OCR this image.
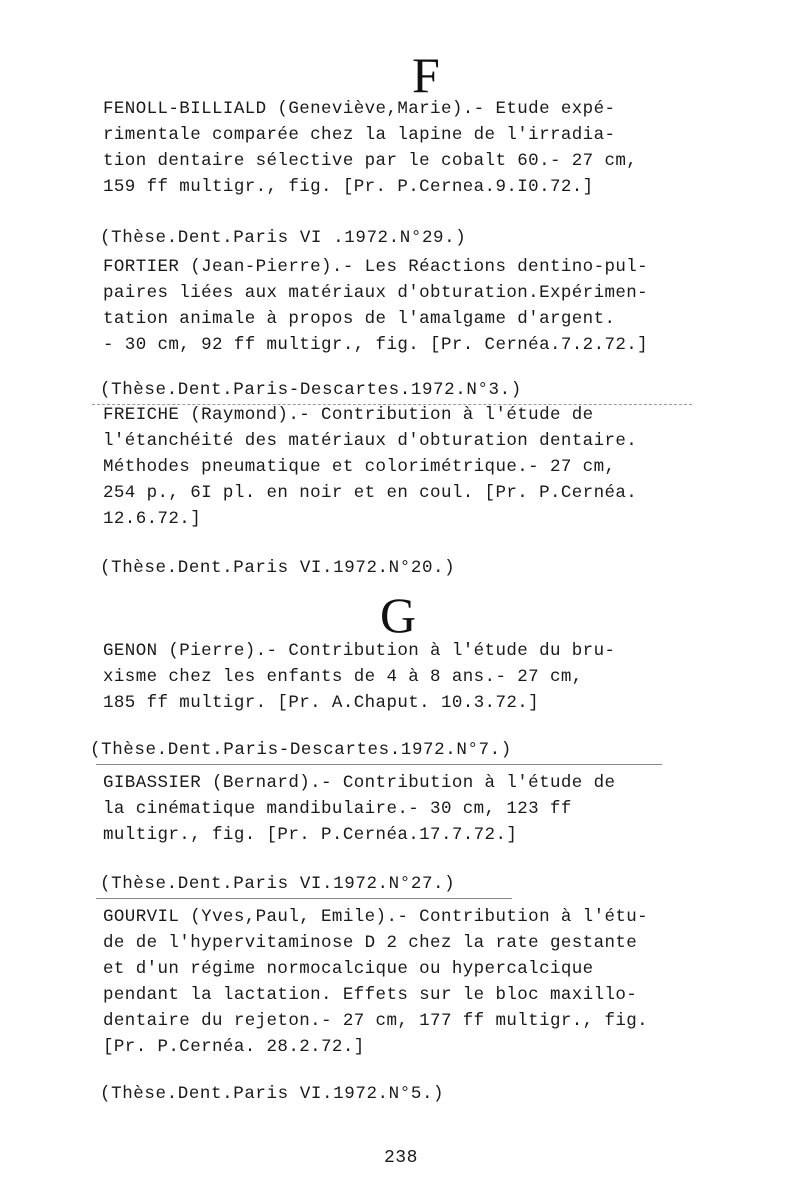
F
FENOLL-BILLIALD (Geneviève,Marie).- Etude expé-
rimentale comparée chez la lapine de l'irradia-
tion dentaire sélective par le cobalt 60.- 27 cm,
159 ff multigr., fig. [Pr. P.Cernea.9.I0.72.]
(Thèse.Dent.Paris VI .1972.N°29.)
FORTIER (Jean-Pierre).- Les Réactions dentino-pul-
paires liées aux matériaux d'obturation.Expérimen-
tation animale à propos de l'amalgame d'argent.
- 30 cm, 92 ff multigr., fig. [Pr. Cernéa.7.2.72.]
(Thèse.Dent.Paris-Descartes.1972.N°3.)
FREICHE (Raymond).- Contribution à l'étude de
l'étanchéité des matériaux d'obturation dentaire.
Méthodes pneumatique et colorimétrique.- 27 cm,
254 p., 6I pl. en noir et en coul. [Pr. P.Cernéa.
12.6.72.]
(Thèse.Dent.Paris VI.1972.N°20.)
G
GENON (Pierre).- Contribution à l'étude du bru-
xisme chez les enfants de 4 à 8 ans.- 27 cm,
185 ff multigr. [Pr. A.Chaput. 10.3.72.]
(Thèse.Dent.Paris-Descartes.1972.N°7.)
GIBASSIER (Bernard).- Contribution à l'étude de
la cinématique mandibulaire.- 30 cm, 123 ff
multigr., fig. [Pr. P.Cernéa.17.7.72.]
(Thèse.Dent.Paris VI.1972.N°27.)
GOURVIL (Yves,Paul, Emile).- Contribution à l'étu-
de de l'hypervitaminose D 2 chez la rate gestante
et d'un régime normocalcique ou hypercalcique
pendant la lactation. Effets sur le bloc maxillo-
dentaire du rejeton.- 27 cm, 177 ff multigr., fig.
[Pr. P.Cernéa. 28.2.72.]
(Thèse.Dent.Paris VI.1972.N°5.)
238
